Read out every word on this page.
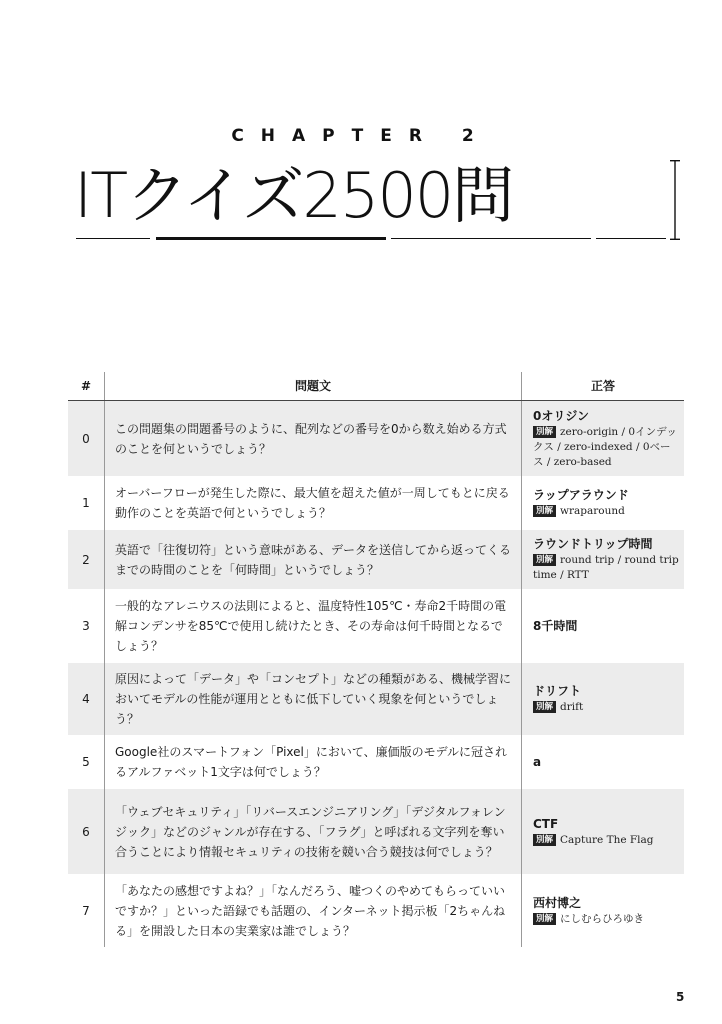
CHAPTER 2
ITクイズ2500問
#	問題文	正答
0	この問題集の問題番号のように、配列などの番号を0から数え始める方式のことを何というでしょう？	0オリジン
別解 zero-origin / 0インデックス / zero-indexed / 0ベース / zero-based

1	オーバーフローが発生した際に、最大値を超えた値が一周してもとに戻る動作のことを英語で何というでしょう？	ラップアラウンド
別解 wraparound

2	英語で「往復切符」という意味がある、データを送信してから返ってくるまでの時間のことを「何時間」というでしょう？	ラウンドトリップ時間
別解 round trip / round trip time / RTT

3	一般的なアレニウスの法則によると、温度特性105℃・寿命2千時間の電解コンデンサを85℃で使用し続けたとき、その寿命は何千時間となるでしょう？	8千時間

4	原因によって「データ」や「コンセプト」などの種類がある、機械学習においてモデルの性能が運用とともに低下していく現象を何というでしょう？	ドリフト
別解 drift

5	Google社のスマートフォン「Pixel」において、廉価版のモデルに冠されるアルファベット1文字は何でしょう？	a

6	「ウェブセキュリティ」「リバースエンジニアリング」「デジタルフォレンジック」などのジャンルが存在する、「フラグ」と呼ばれる文字列を奪い合うことにより情報セキュリティの技術を競い合う競技は何でしょう？	CTF
別解 Capture The Flag

7	「あなたの感想ですよね？」「なんだろう、嘘つくのやめてもらっていいですか？」といった語録でも話題の、インターネット掲示板「2ちゃんねる」を開設した日本の実業家は誰でしょう？	西村博之
別解 にしむらひろゆき
5
